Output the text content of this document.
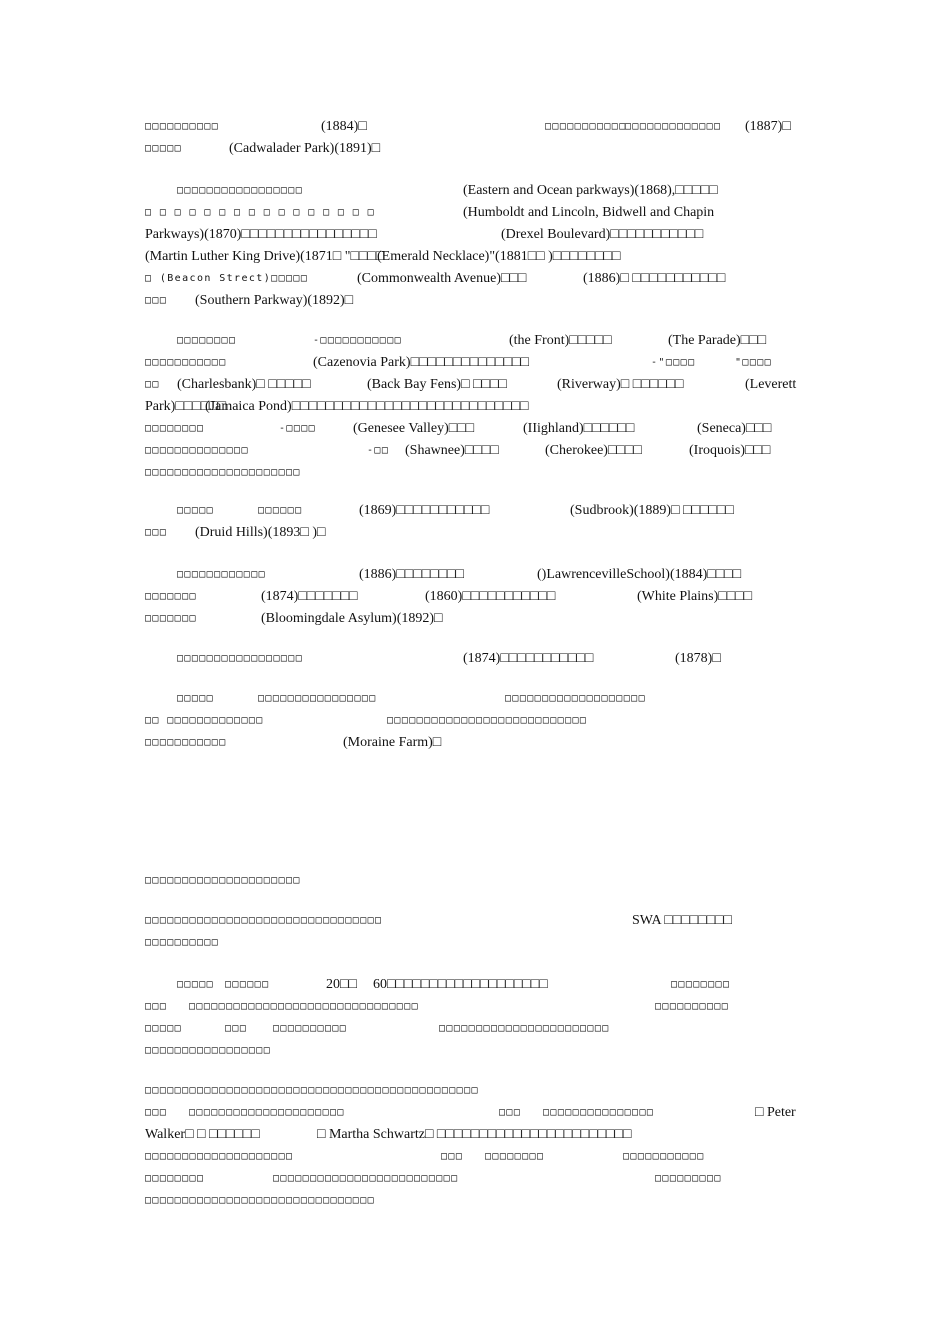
□□□□□□□□□□	(1884)□	□□□□□□□□□□□	(1887)□
□□□□□□□□□□□□□
□□□□□	(Cadwalader Park)(1891)□
□□□□□□□□□□□□□□□□□	(Eastern and Ocean parkways)(1868),□□□□□
□ □ □ □ □ □ □ □ □ □ □ □ □ □ □ □	(Humboldt and Lincoln, Bidwell and Chapin
Parkways)(1870)□□□□□□□□□□□□□□□□	(Drexel Boulevard)□□□□□□□□□□□
(Martin Luther King Drive)(1871□ "□□□□
(Emerald Necklace)"(1881□□ )□□□□□□□□
□ (Beacon Strect)□□□□□	(Commonwealth Avenue)□□□	(1886)□ □□□□□□□□□□□
□□□ (Southern Parkway)(1892)□
□□□□□□□□	-□□□□□□□□□□□	(the Front)□□□□□	(The Parade)□□□
□□□□□□□□□□□	(Cazenovia Park)□□□□□□□□□□□□□□	-"□□□□	"□□□□
□□ (Charlesbank)□ □□□□□	(Back Bay Fens)□ □□□□	(Riverway)□ □□□□□□	(Leverett
Park)□□□□□□
(Jamaica Pond)□□□□□□□□□□□□□□□□□□□□□□□□□□□□
□□□□□□□□	-□□□□	(Genesee Valley)□□□	(IIighland)□□□□□□	(Seneca)□□□
□□□□□□□□□□□□□□	-□□ (Shawnee)□□□□	(Cherokee)□□□□	(Iroquois)□□□
□□□□□□□□□□□□□□□□□□□□□
□□□□□	□□□□□□	(1869)□□□□□□□□□□□	(Sudbrook)(1889)□ □□□□□□
□□□ (Druid Hills)(1893□ )□
□□□□□□□□□□□□	(1886)□□□□□□□□	()LawrencevilleSchool)(1884)□□□□
□□□□□□□	(1874)□□□□□□□	(1860)□□□□□□□□□□□	(White Plains)□□□□
□□□□□□□	(Bloomingdale Asylum)(1892)□
□□□□□□□□□□□□□□□□□	(1874)□□□□□□□□□□□	(1878)□
□□□□□	□□□□□□□□□□□□□□□□	□□□□□□□□□□□□□□□□□□□
□□ □□□□□□□□□□□□□	□□□□□□□□□□□□□□□□□□□□□□□□□□□
□□□□□□□□□□□	(Moraine Farm)□
□□□□□□□□□□□□□□□□□□□□□
□□□□□□□□□□□□□□□□□□□□□□□□□□□□□□□□	SWA □□□□□□□□
□□□□□□□□□□
□□□□□ □□□□□□	20□□ 60□□□□□□□□□□□□□□□□□□□	□□□□□□□□
□□□ □□□□□□□□□□□□□□□□□□□□□□□□□□□□□□□	□□□□□□□□□□
□□□□□	□□□	□□□□□□□□□□	□□□□□□□□□□□□□□□□□□□□□□□
□□□□□□□□□□□□□□□□□
□□□□□□□□□□□□□□□□□□□□□□□□□□□□□□□□□□□□□□□□□□□□□
□□□ □□□□□□□□□□□□□□□□□□□□□	□□□ □□□□□□□□□□□□□□□	□ Peter
Walker□ □ □□□□□□	□ Martha Schwartz□ □□□□□□□□□□□□□□□□□□□□□□□
□□□□□□□□□□□□□□□□□□□□	□□□ □□□□□□□□	□□□□□□□□□□□
□□□□□□□□	□□□□□□□□□□□□□□□□□□□□□□□□□	□□□□□□□□□
□□□□□□□□□□□□□□□□□□□□□□□□□□□□□□□
